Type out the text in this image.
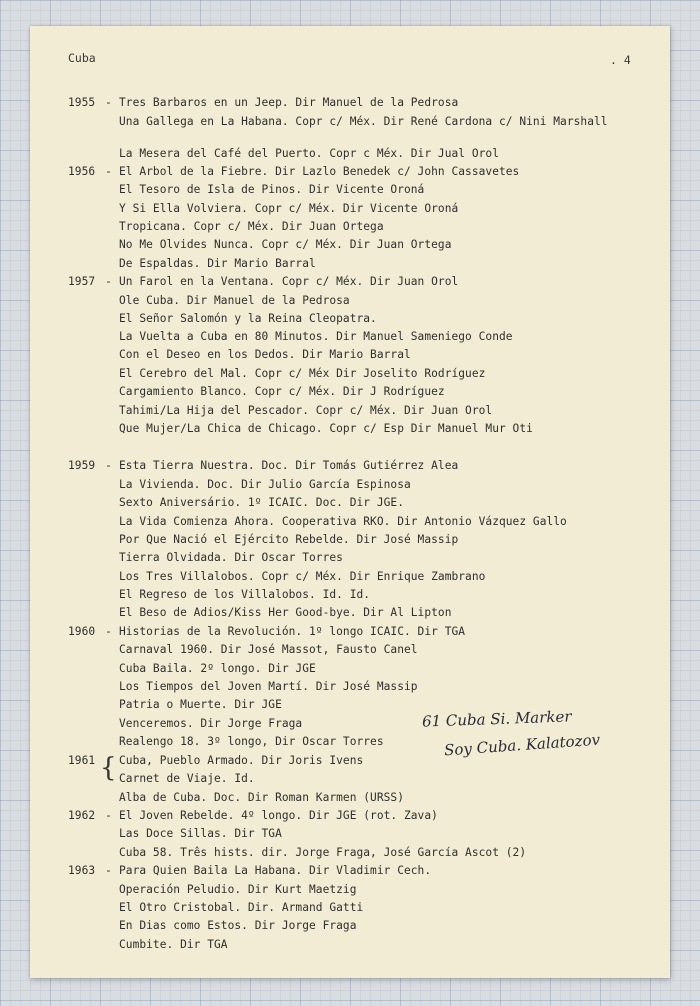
Cuba	. 4
1955 - Tres Barbaros en un Jeep. Dir Manuel de la Pedrosa
Una Gallega en La Habana. Copr c/ Méx. Dir René Cardona c/ Nini Marshall
La Mesera del Café del Puerto. Copr c Méx. Dir Jual Orol
1956 - El Arbol de la Fiebre. Dir Lazlo Benedek c/ John Cassavetes
El Tesoro de Isla de Pinos. Dir Vicente Oroná
Y Si Ella Volviera. Copr c/ Méx. Dir Vicente Oroná
Tropicana. Copr c/ Méx. Dir Juan Ortega
No Me Olvides Nunca. Copr c/ Méx. Dir Juan Ortega
De Espaldas. Dir Mario Barral
1957 - Un Farol en la Ventana. Copr c/ Méx. Dir Juan Orol
Ole Cuba. Dir Manuel de la Pedrosa
El Señor Salomón y la Reina Cleopatra.
La Vuelta a Cuba en 80 Minutos. Dir Manuel Sameniego Conde
Con el Deseo en los Dedos. Dir Mario Barral
El Cerebro del Mal. Copr c/ Méx Dir Joselito Rodríguez
Cargamiento Blanco. Copr c/ Méx. Dir J Rodríguez
Tahimi/La Hija del Pescador. Copr c/ Méx. Dir Juan Orol
Que Mujer/La Chica de Chicago. Copr c/ Esp Dir Manuel Mur Oti
1959 - Esta Tierra Nuestra. Doc. Dir Tomás Gutiérrez Alea
La Vivienda. Doc. Dir Julio García Espinosa
Sexto Aniversário. 1º ICAIC. Doc. Dir JGE.
La Vida Comienza Ahora. Cooperativa RKO. Dir Antonio Vázquez Gallo
Por Que Nació el Ejército Rebelde. Dir José Massip
Tierra Olvidada. Dir Oscar Torres
Los Tres Villalobos. Copr c/ Méx. Dir Enrique Zambrano
El Regreso de los Villalobos. Id. Id.
El Beso de Adios/Kiss Her Good-bye. Dir Al Lipton
1960 - Historias de la Revolución. 1º longo ICAIC. Dir TGA
Carnaval 1960. Dir José Massot, Fausto Canel
Cuba Baila. 2º longo. Dir JGE
Los Tiempos del Joven Martí. Dir José Massip
Patria o Muerte. Dir JGE
Venceremos. Dir Jorge Fraga
Realengo 18. 3º longo, Dir Oscar Torres
1961 Cuba, Pueblo Armado. Dir Joris Ivens
Carnet de Viaje. Id.
Alba de Cuba. Doc. Dir Roman Karmen (URSS)
1962 - El Joven Rebelde. 4º longo. Dir JGE (rot. Zava)
Las Doce Sillas. Dir TGA
Cuba 58. Três hists. dir. Jorge Fraga, José García Ascot (2)
1963 - Para Quien Baila La Habana. Dir Vladimir Cech.
Operación Peludio. Dir Kurt Maetzig
El Otro Cristobal. Dir. Armand Gatti
En Dias como Estos. Dir Jorge Fraga
Cumbite. Dir TGA
{
61 Cuba Si. Marker
Soy Cuba. Kalatozov
